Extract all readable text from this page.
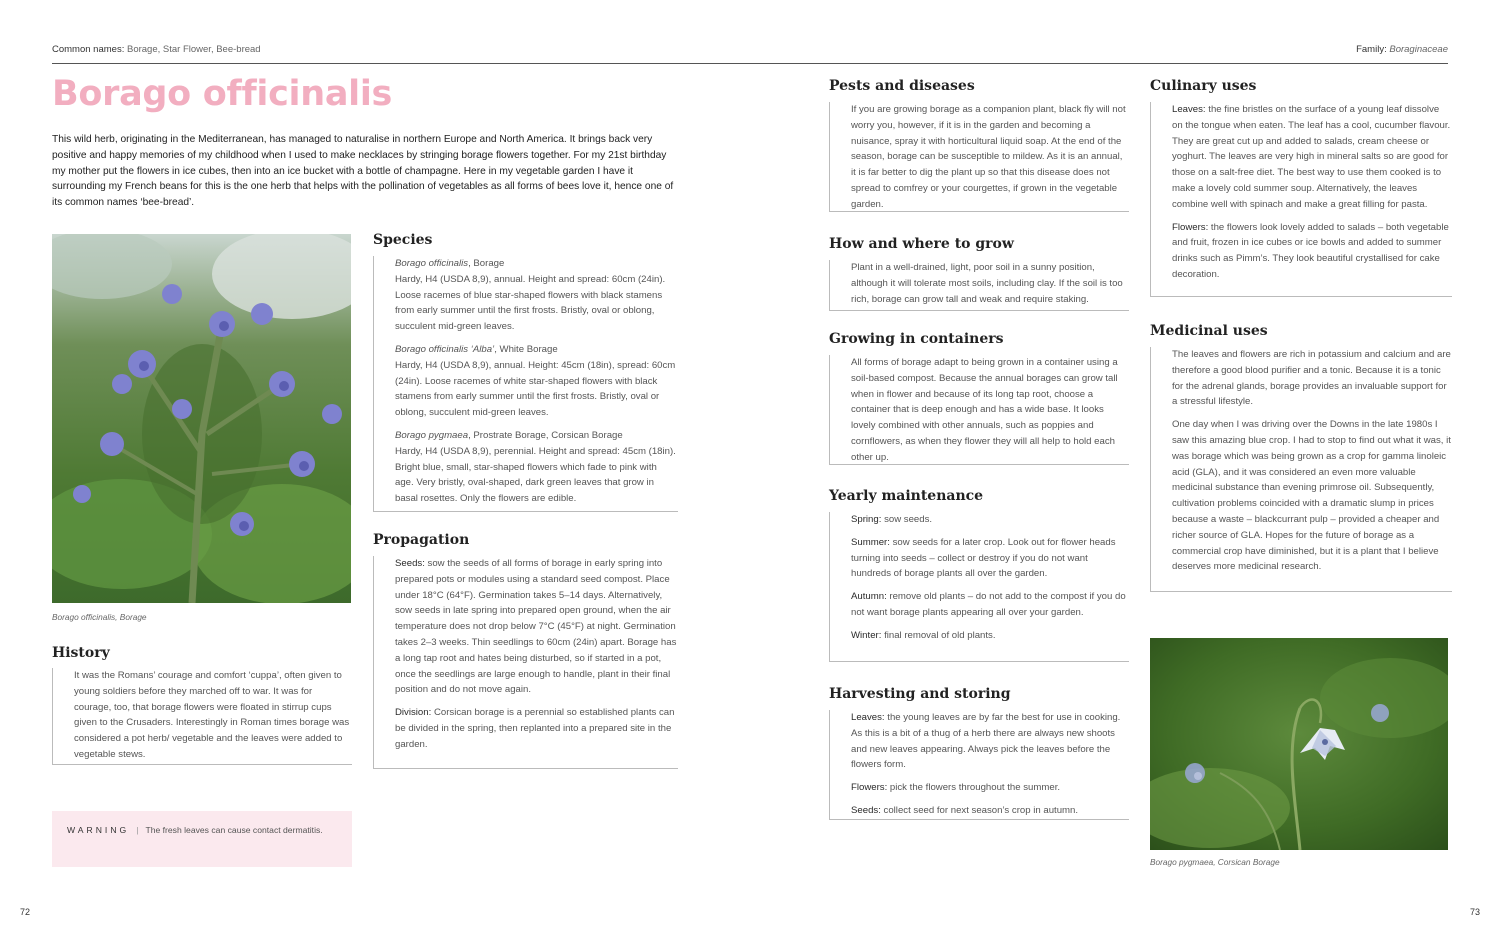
Common names: Borage, Star Flower, Bee-bread	Family: Boraginaceae
Borago officinalis

This wild herb, originating in the Mediterranean, has managed to naturalise in northern Europe and North America. It brings back very positive and happy memories of my childhood when I used to make necklaces by stringing borage flowers together. For my 21st birthday my mother put the flowers in ice cubes, then into an ice bucket with a bottle of champagne. Here in my vegetable garden I have it surrounding my French beans for this is the one herb that helps with the pollination of vegetables as all forms of bees love it, hence one of its common names ‘bee-bread’.

Borago officinalis, Borage

History

It was the Romans’ courage and comfort ‘cuppa’, often given to young soldiers before they marched off to war. It was for courage, too, that borage flowers were floated in stirrup cups given to the Crusaders. Interestingly in Roman times borage was considered a pot herb/ vegetable and the leaves were added to vegetable stews.

WARNING | The fresh leaves can cause contact dermatitis.
Species

Borago officinalis, Borage
Hardy, H4 (USDA 8,9), annual. Height and spread: 60cm (24in). Loose racemes of blue star-shaped flowers with black stamens from early summer until the first frosts. Bristly, oval or oblong, succulent mid-green leaves.

Borago officinalis ‘Alba’, White Borage
Hardy, H4 (USDA 8,9), annual. Height: 45cm (18in), spread: 60cm (24in). Loose racemes of white star-shaped flowers with black stamens from early summer until the first frosts. Bristly, oval or oblong, succulent mid-green leaves.

Borago pygmaea, Prostrate Borage, Corsican Borage
Hardy, H4 (USDA 8,9), perennial. Height and spread: 45cm (18in). Bright blue, small, star-shaped flowers which fade to pink with age. Very bristly, oval-shaped, dark green leaves that grow in basal rosettes. Only the flowers are edible.

Propagation

Seeds: sow the seeds of all forms of borage in early spring into prepared pots or modules using a standard seed compost. Place under 18°C (64°F). Germination takes 5–14 days. Alternatively, sow seeds in late spring into prepared open ground, when the air temperature does not drop below 7°C (45°F) at night. Germination takes 2–3 weeks. Thin seedlings to 60cm (24in) apart. Borage has a long tap root and hates being disturbed, so if started in a pot, once the seedlings are large enough to handle, plant in their final position and do not move again.

Division: Corsican borage is a perennial so established plants can be divided in the spring, then replanted into a prepared site in the garden.

Pests and diseases

If you are growing borage as a companion plant, black fly will not worry you, however, if it is in the garden and becoming a nuisance, spray it with horticultural liquid soap. At the end of the season, borage can be susceptible to mildew. As it is an annual, it is far better to dig the plant up so that this disease does not spread to comfrey or your courgettes, if grown in the vegetable garden.

How and where to grow

Plant in a well-drained, light, poor soil in a sunny position, although it will tolerate most soils, including clay. If the soil is too rich, borage can grow tall and weak and require staking.

Growing in containers

All forms of borage adapt to being grown in a container using a soil-based compost. Because the annual borages can grow tall when in flower and because of its long tap root, choose a container that is deep enough and has a wide base. It looks lovely combined with other annuals, such as poppies and cornflowers, as when they flower they will all help to hold each other up.

Yearly maintenance

Spring: sow seeds.

Summer: sow seeds for a later crop. Look out for flower heads turning into seeds – collect or destroy if you do not want hundreds of borage plants all over the garden.

Autumn: remove old plants – do not add to the compost if you do not want borage plants appearing all over your garden.

Winter: final removal of old plants.

Harvesting and storing

Leaves: the young leaves are by far the best for use in cooking. As this is a bit of a thug of a herb there are always new shoots and new leaves appearing. Always pick the leaves before the flowers form.

Flowers: pick the flowers throughout the summer.

Seeds: collect seed for next season’s crop in autumn.

Culinary uses

Leaves: the fine bristles on the surface of a young leaf dissolve on the tongue when eaten. The leaf has a cool, cucumber flavour. They are great cut up and added to salads, cream cheese or yoghurt. The leaves are very high in mineral salts so are good for those on a salt-free diet. The best way to use them cooked is to make a lovely cold summer soup. Alternatively, the leaves combine well with spinach and make a great filling for pasta.

Flowers: the flowers look lovely added to salads – both vegetable and fruit, frozen in ice cubes or ice bowls and added to summer drinks such as Pimm’s. They look beautiful crystallised for cake decoration.

Medicinal uses

The leaves and flowers are rich in potassium and calcium and are therefore a good blood purifier and a tonic. Because it is a tonic for the adrenal glands, borage provides an invaluable support for a stressful lifestyle.

One day when I was driving over the Downs in the late 1980s I saw this amazing blue crop. I had to stop to find out what it was, it was borage which was being grown as a crop for gamma linoleic acid (GLA), and it was considered an even more valuable medicinal substance than evening primrose oil. Subsequently, cultivation problems coincided with a dramatic slump in prices because a waste – blackcurrant pulp – provided a cheaper and richer source of GLA. Hopes for the future of borage as a commercial crop have diminished, but it is a plant that I believe deserves more medicinal research.

Borago pygmaea, Corsican Borage

72	73
